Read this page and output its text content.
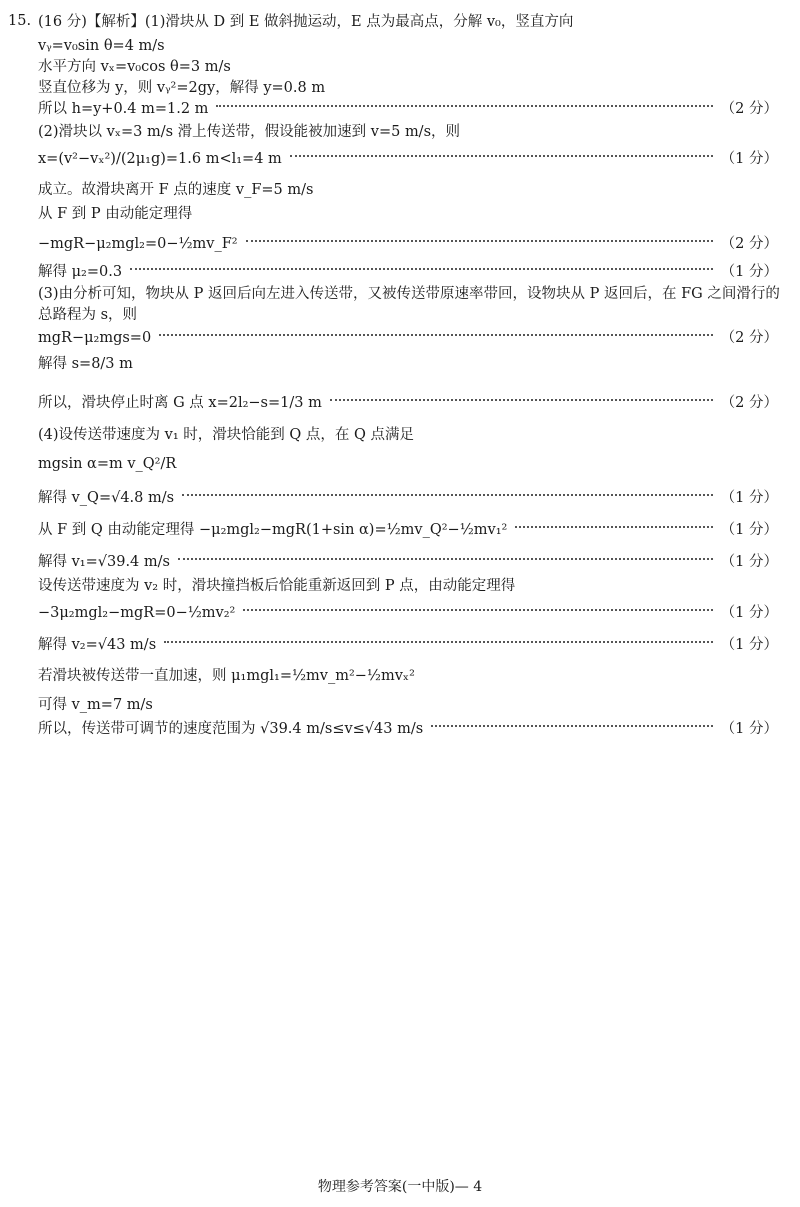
15. (16 分)【解析】(1)滑块从 D 到 E 做斜抛运动，E 点为最高点，分解 v₀，竖直方向
vᵧ=v₀sin θ=4 m/s
水平方向 vₓ=v₀cos θ=3 m/s
竖直位移为 y，则 vᵧ²=2gy，解得 y=0.8 m
所以 h=y+0.4 m=1.2 m	（2 分）
(2)滑块以 vₓ=3 m/s 滑上传送带，假设能被加速到 v=5 m/s，则
x=(v²−vₓ²)/(2μ₁g)=1.6 m<l₁=4 m	（1 分）
成立。故滑块离开 F 点的速度 v_F=5 m/s
从 F 到 P 由动能定理得
−mgR−μ₂mgl₂=0−½mv_F²	（2 分）
解得 μ₂=0.3	（1 分）
(3)由分析可知，物块从 P 返回后向左进入传送带，又被传送带原速率带回，设物块从 P 返回后，在 FG 之间滑行的
总路程为 s，则
mgR−μ₂mgs=0	（2 分）
解得 s=8/3 m
所以，滑块停止时离 G 点 x=2l₂−s=1/3 m	（2 分）
(4)设传送带速度为 v₁ 时，滑块恰能到 Q 点，在 Q 点满足
mgsin α=m v_Q²/R
解得 v_Q=√4.8 m/s	（1 分）
从 F 到 Q 由动能定理得 −μ₂mgl₂−mgR(1+sin α)=½mv_Q²−½mv₁²	（1 分）
解得 v₁=√39.4 m/s	（1 分）
设传送带速度为 v₂ 时，滑块撞挡板后恰能重新返回到 P 点，由动能定理得
−3μ₂mgl₂−mgR=0−½mv₂²	（1 分）
解得 v₂=√43 m/s	（1 分）
若滑块被传送带一直加速，则 μ₁mgl₁=½mv_m²−½mvₓ²
可得 v_m=7 m/s
所以，传送带可调节的速度范围为 √39.4 m/s≤v≤√43 m/s	（1 分）
物理参考答案(一中版)— 4
